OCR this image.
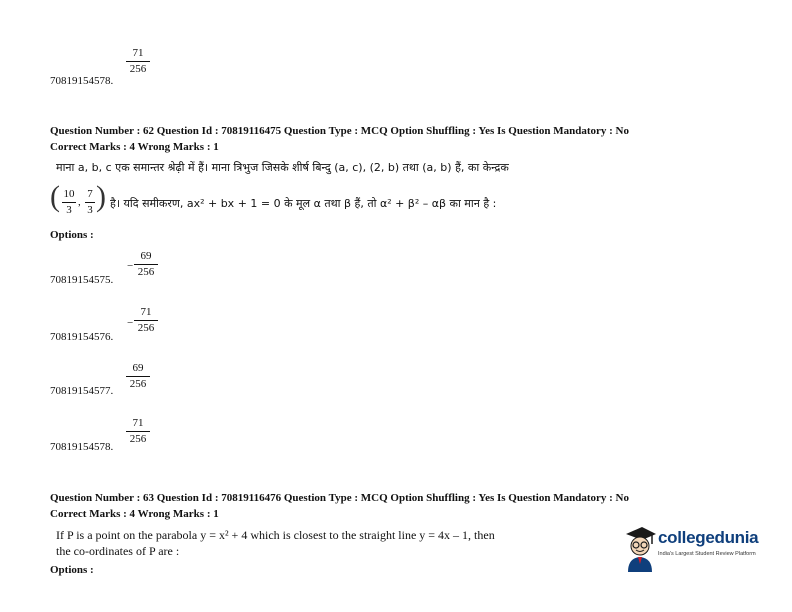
71
256
70819154578.
Question Number : 62 Question Id : 70819116475 Question Type : MCQ Option Shuffling : Yes Is Question Mandatory : No
Correct Marks : 4 Wrong Marks : 1
माना a, b, c एक समान्तर श्रेढ़ी में हैं। माना त्रिभुज जिसके शीर्ष बिन्दु (a, c), (2, b) तथा (a, b) हैं, का केन्द्रक
( 10
3
,
7
3 ) है। यदि समीकरण, ax² + bx + 1 = 0 के मूल α तथा β हैं, तो α² + β² – αβ का मान है :
Options :
−
69
256
70819154575.
−
71
256
70819154576.
69
256
70819154577.
71
256
70819154578.
Question Number : 63 Question Id : 70819116476 Question Type : MCQ Option Shuffling : Yes Is Question Mandatory : No
Correct Marks : 4 Wrong Marks : 1
If P is a point on the parabola y = x² + 4 which is closest to the straight line y = 4x – 1, then
the co-ordinates of P are :
Options :
collegedunia
India's Largest Student Review Platform
